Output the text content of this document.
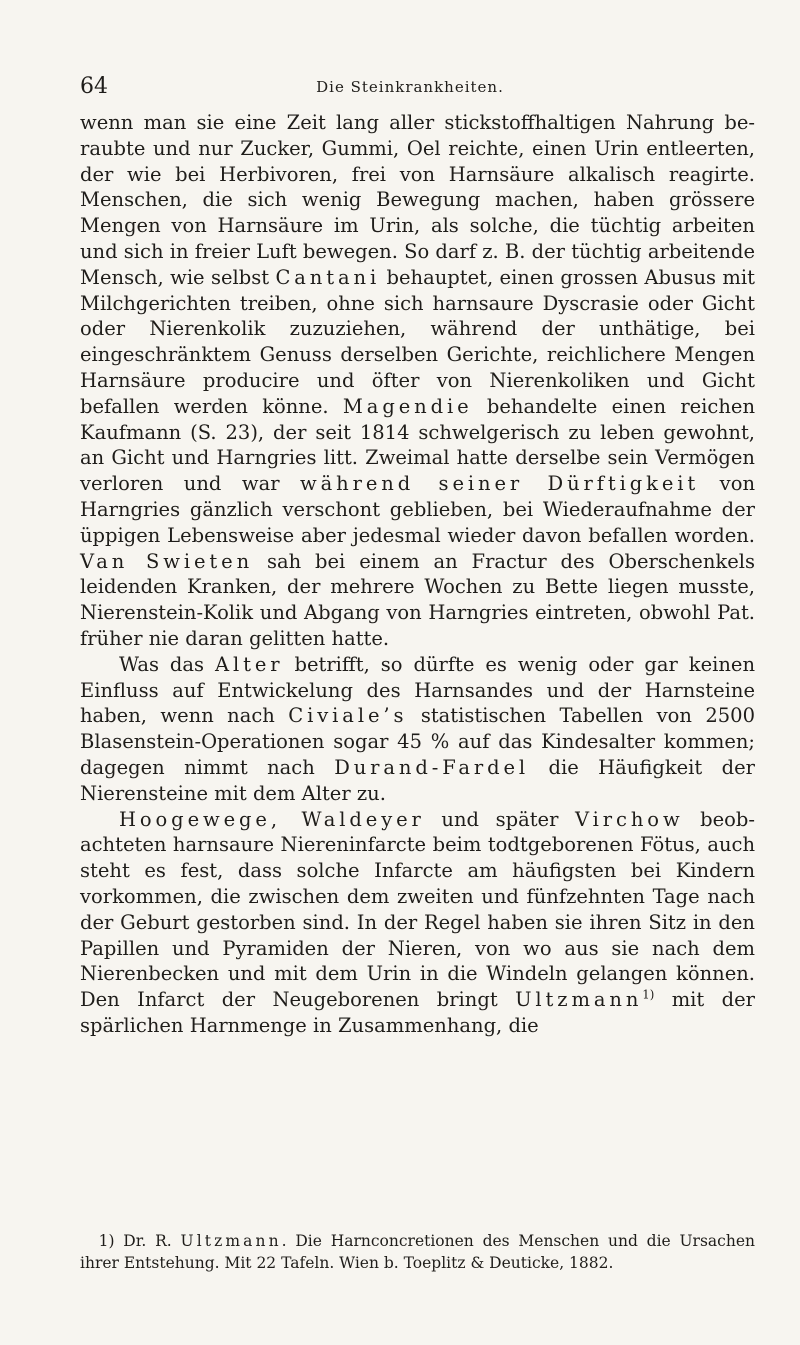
64	Die Steinkrankheiten.

wenn man sie eine Zeit lang aller stickstoffhaltigen Nahrung beraubte und nur Zucker, Gummi, Oel reichte, einen Urin entleerten, der wie bei Herbivoren, frei von Harnsäure alkalisch reagirte. Menschen, die sich wenig Bewegung machen, haben grössere Mengen von Harnsäure im Urin, als solche, die tüchtig arbeiten und sich in freier Luft bewegen. So darf z. B. der tüchtig arbeitende Mensch, wie selbst Cantani behauptet, einen grossen Abusus mit Milchgerichten treiben, ohne sich harnsaure Dyscrasie oder Gicht oder Nierenkolik zuzuziehen, während der unthätige, bei eingeschränktem Genuss derselben Gerichte, reichlichere Mengen Harnsäure producire und öfter von Nierenkoliken und Gicht befallen werden könne. Magendie behandelte einen reichen Kaufmann (S. 23), der seit 1814 schwelgerisch zu leben gewohnt, an Gicht und Harngries litt. Zweimal hatte derselbe sein Vermögen verloren und war während seiner Dürftigkeit von Harngries gänzlich verschont geblieben, bei Wiederaufnahme der üppigen Lebensweise aber jedesmal wieder davon befallen worden. Van Swieten sah bei einem an Fractur des Oberschenkels leidenden Kranken, der mehrere Wochen zu Bette liegen musste, Nierenstein-Kolik und Abgang von Harngries eintreten, obwohl Pat. früher nie daran gelitten hatte.

Was das Alter betrifft, so dürfte es wenig oder gar keinen Einfluss auf Entwickelung des Harnsandes und der Harnsteine haben, wenn nach Civiale’s statistischen Tabellen von 2500 Blasenstein-Operationen sogar 45 % auf das Kindesalter kommen; dagegen nimmt nach Durand-Fardel die Häufigkeit der Nierensteine mit dem Alter zu.

Hoogewege, Waldeyer und später Virchow beobachteten harnsaure Niereninfarcte beim todtgeborenen Fötus, auch steht es fest, dass solche Infarcte am häufigsten bei Kindern vorkommen, die zwischen dem zweiten und fünfzehnten Tage nach der Geburt gestorben sind. In der Regel haben sie ihren Sitz in den Papillen und Pyramiden der Nieren, von wo aus sie nach dem Nierenbecken und mit dem Urin in die Windeln gelangen können. Den Infarct der Neugeborenen bringt Ultzmann$^{1)}$ mit der spärlichen Harnmenge in Zusammenhang, die

1) Dr. R. Ultzmann. Die Harnconcretionen des Menschen und die Ursachen ihrer Entstehung. Mit 22 Tafeln. Wien b. Toeplitz & Deuticke, 1882.
